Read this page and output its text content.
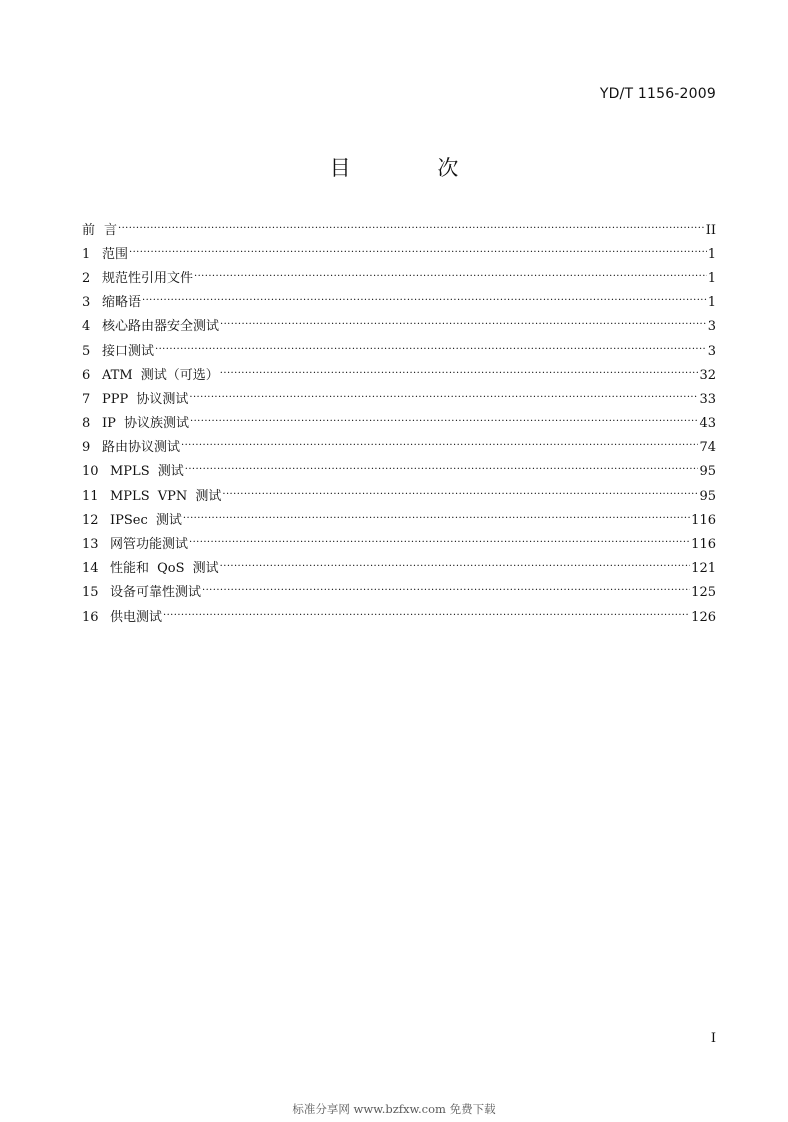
YD/T 1156-2009
目 次
前 言 ·····	II
1 范围 ·····	1
2 规范性引用文件 ·····	1
3 缩略语 ·····	1
4 核心路由器安全测试 ·····	3
5 接口测试 ·····	3
6 ATM 测试（可选） ·····	32
7 PPP 协议测试 ·····	33
8 IP 协议族测试 ·····	43
9 路由协议测试 ·····	74
10 MPLS 测试 ·····	95
11 MPLS VPN 测试 ·····	95
12 IPSec 测试 ·····	116
13 网管功能测试 ·····	116
14 性能和 QoS 测试 ·····	121
15 设备可靠性测试 ·····	125
16 供电测试 ·····	126
I
标准分享网 www.bzfxw.com 免费下载
